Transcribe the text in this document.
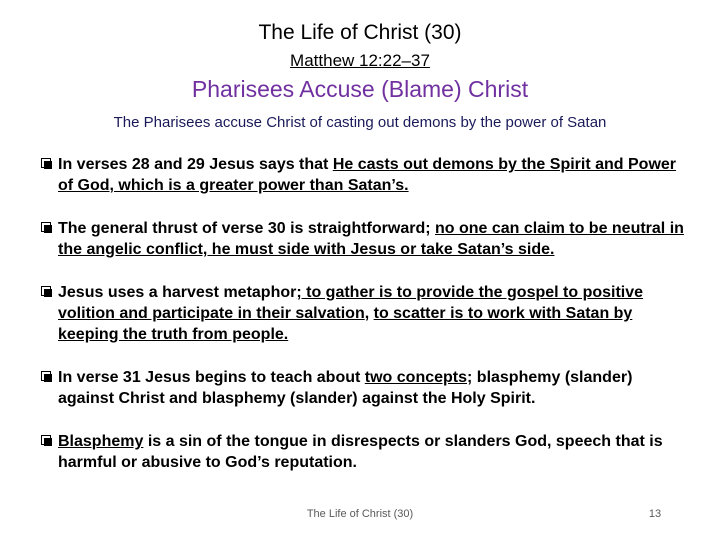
The Life of Christ (30)
Matthew 12:22–37
Pharisees Accuse (Blame) Christ
The Pharisees accuse Christ of casting out demons by the power of Satan
In verses 28 and 29 Jesus says that He casts out demons by the Spirit and Power of God, which is a greater power than Satan’s.
The general thrust of verse 30 is straightforward; no one can claim to be neutral in the angelic conflict, he must side with Jesus or take Satan’s side.
Jesus uses a harvest metaphor; to gather is to provide the gospel to positive volition and participate in their salvation, to scatter is to work with Satan by keeping the truth from people.
In verse 31 Jesus begins to teach about two concepts; blasphemy (slander) against Christ and blasphemy (slander) against the Holy Spirit.
Blasphemy is a sin of the tongue in disrespects or slanders God, speech that is harmful or abusive to God’s reputation.
The Life of Christ (30)	13
